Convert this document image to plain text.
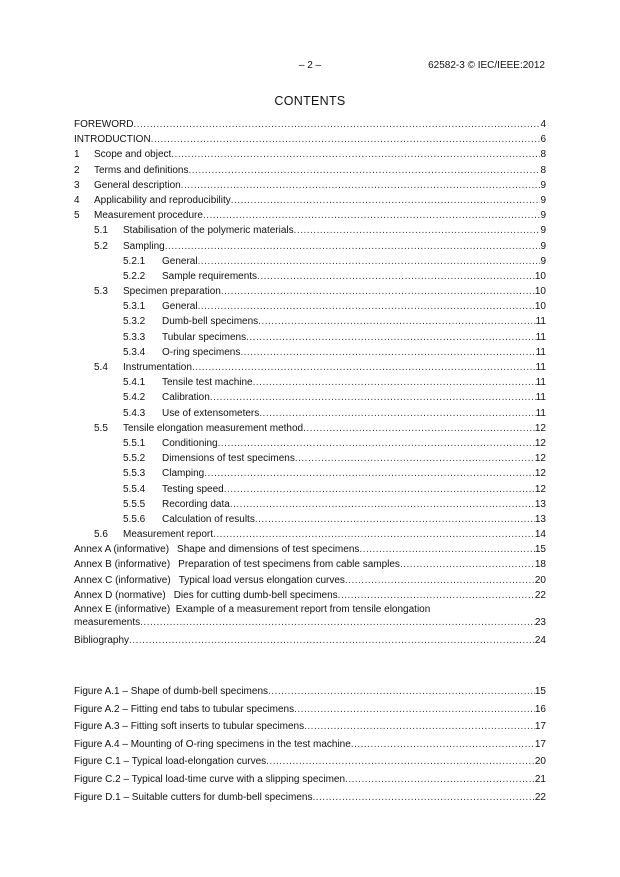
– 2 –	62582-3 © IEC/IEEE:2012
CONTENTS
FOREWORD .....	4
INTRODUCTION .....	6
1	Scope and object .....	8
2	Terms and definitions .....	8
3	General description .....	9
4	Applicability and reproducibility .....	9
5	Measurement procedure .....	9
5.1	Stabilisation of the polymeric materials .....	9
5.2	Sampling .....	9
5.2.1	General .....	9
5.2.2	Sample requirements .....	10
5.3	Specimen preparation .....	10
5.3.1	General .....	10
5.3.2	Dumb-bell specimens .....	11
5.3.3	Tubular specimens .....	11
5.3.4	O-ring specimens .....	11
5.4	Instrumentation .....	11
5.4.1	Tensile test machine .....	11
5.4.2	Calibration .....	11
5.4.3	Use of extensometers .....	11
5.5	Tensile elongation measurement method .....	12
5.5.1	Conditioning .....	12
5.5.2	Dimensions of test specimens .....	12
5.5.3	Clamping .....	12
5.5.4	Testing speed .....	12
5.5.5	Recording data .....	13
5.5.6	Calculation of results .....	13
5.6	Measurement report .....	14
Annex A (informative) Shape and dimensions of test specimens .....	15
Annex B (informative) Preparation of test specimens from cable samples .....	18
Annex C (informative) Typical load versus elongation curves .....	20
Annex D (normative) Dies for cutting dumb-bell specimens .....	22
Annex E (informative) Example of a measurement report from tensile elongation
measurements .....	23
Bibliography .....	24
Figure A.1 – Shape of dumb-bell specimens .....	15
Figure A.2 – Fitting end tabs to tubular specimens .....	16
Figure A.3 – Fitting soft inserts to tubular specimens .....	17
Figure A.4 – Mounting of O-ring specimens in the test machine .....	17
Figure C.1 – Typical load-elongation curves .....	20
Figure C.2 – Typical load-time curve with a slipping specimen .....	21
Figure D.1 – Suitable cutters for dumb-bell specimens .....	22
